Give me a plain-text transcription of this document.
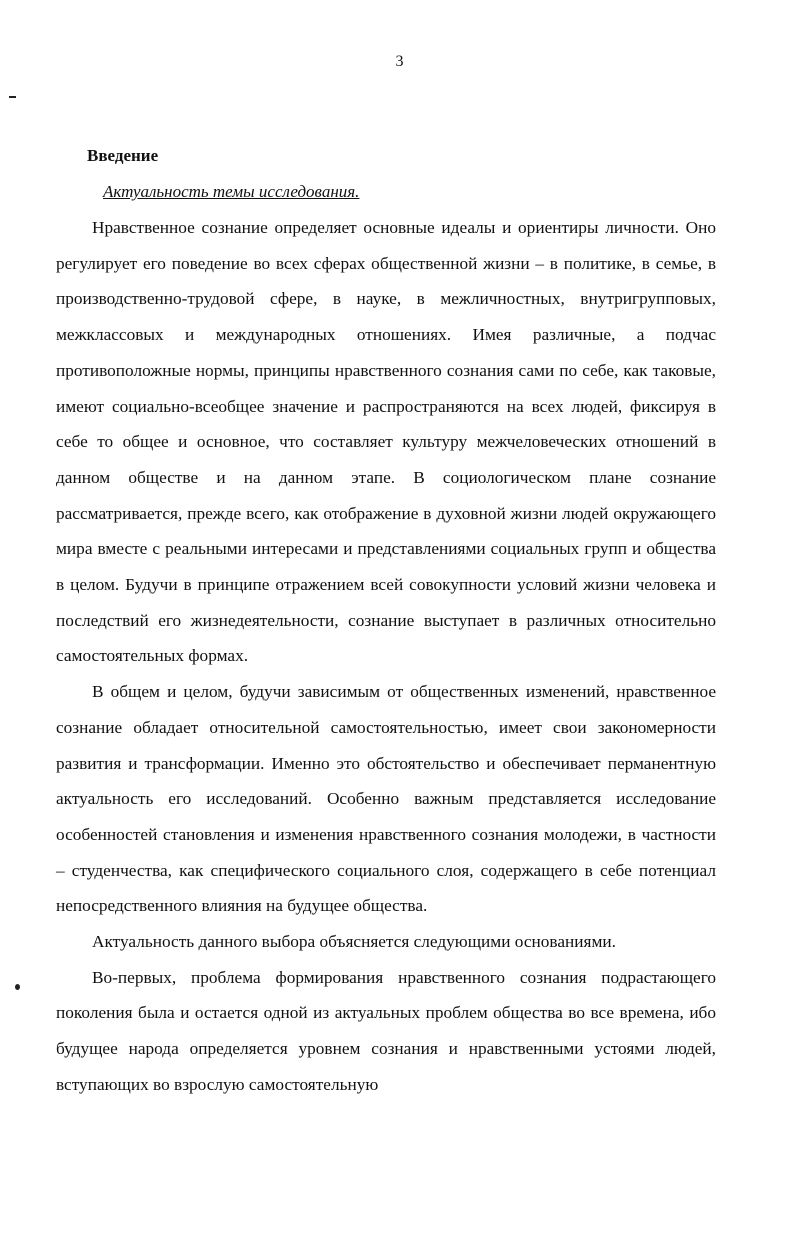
3
Введение
Актуальность темы исследования.

Нравственное сознание определяет основные идеалы и ориентиры личности. Оно регулирует его поведение во всех сферах общественной жизни – в политике, в семье, в производственно-трудовой сфере, в науке, в межличностных, внутригрупповых, межклассовых и международных отношениях. Имея различные, а подчас противоположные нормы, принципы нравственного сознания сами по себе, как таковые, имеют социально-всеобщее значение и распространяются на всех людей, фиксируя в себе то общее и основное, что составляет культуру межчеловеческих отношений в данном обществе и на данном этапе. В социологическом плане сознание рассматривается, прежде всего, как отображение в духовной жизни людей окружающего мира вместе с реальными интересами и представлениями социальных групп и общества в целом. Будучи в принципе отражением всей совокупности условий жизни человека и последствий его жизнедеятельности, сознание выступает в различных относительно самостоятельных формах.

В общем и целом, будучи зависимым от общественных изменений, нравственное сознание обладает относительной самостоятельностью, имеет свои закономерности развития и трансформации. Именно это обстоятельство и обеспечивает перманентную актуальность его исследований. Особенно важным представляется исследование особенностей становления и изменения нравственного сознания молодежи, в частности – студенчества, как специфического социального слоя, содержащего в себе потенциал непосредственного влияния на будущее общества.

Актуальность данного выбора объясняется следующими основаниями.

Во-первых, проблема формирования нравственного сознания подрастающего поколения была и остается одной из актуальных проблем общества во все времена, ибо будущее народа определяется уровнем сознания и нравственными устоями людей, вступающих во взрослую самостоятельную
